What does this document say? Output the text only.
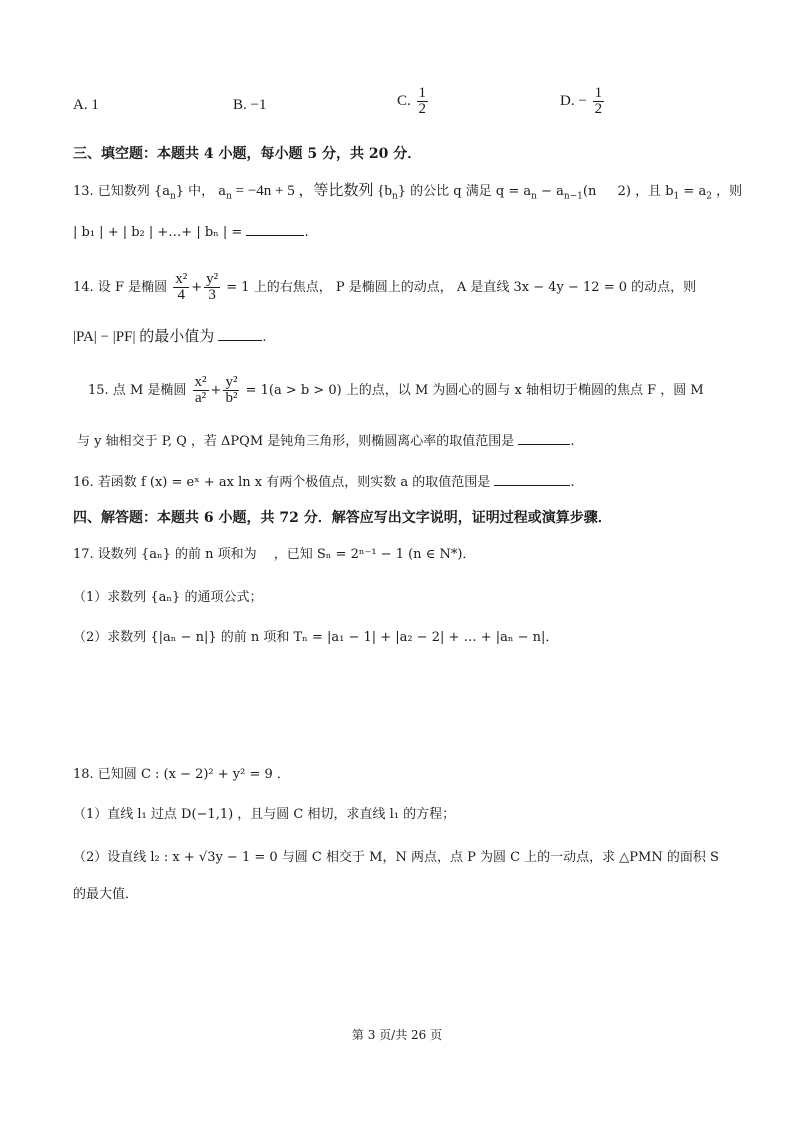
A. 1	B. −1	C. $\frac{1}{2}$	D. − $\frac{1}{2}$
三、填空题：本题共 4 小题，每小题 5 分，共 20 分．
13. 已知数列 $\{a_n\}$ 中， $a_n = -4n + 5$ ，等比数列 $\{b_n\}$ 的公比 q 满足 $q = a_n - a_{n-1}(n$   2) ，且 $b_1 = a_2$ ，则
| b₁ | + | b₂ | +…+ | bₙ | =	.
14. 设 F 是椭圆 $\frac{\text{x²}}{4} + \frac{\text{y²}}{3} = 1$ 上的右焦点， P 是椭圆上的动点， A 是直线 3x − 4y − 12 = 0 的动点，则
|PA| − |PF| 的最小值为	.
15. 点 M 是椭圆 $\frac{\text{x²}}{\text{a²}} + \frac{\text{y²}}{\text{b²}} = 1(a > b > 0)$ 上的点，以 M 为圆心的圆与 x 轴相切于椭圆的焦点 F ，圆 M
与 y 轴相交于 P, Q ，若 ΔPQM 是钝角三角形，则椭圆离心率的取值范围是	.
16. 若函数 f (x) = eˣ + ax ln x 有两个极值点，则实数 a 的取值范围是	.
四、解答题：本题共 6 小题，共 72 分．解答应写出文字说明，证明过程或演算步骤．
17. 设数列 {aₙ} 的前 n 项和为 　，已知 Sₙ = 2ⁿ⁻¹ − 1 (n ∈ N*)．
（1）求数列 {aₙ} 的通项公式；
（2）求数列 {|aₙ − n|} 的前 n 项和 Tₙ = |a₁ − 1| + |a₂ − 2| + … + |aₙ − n|．
18. 已知圆 C : (x − 2)² + y² = 9 ．
（1）直线 l₁ 过点 D(−1,1) ，且与圆 C 相切，求直线 l₁ 的方程；
（2）设直线 l₂ : x + √3y − 1 = 0 与圆 C 相交于 M，N 两点，点 P 为圆 C 上的一动点，求 △PMN 的面积 S
的最大值．
第 3 页/共 26 页
